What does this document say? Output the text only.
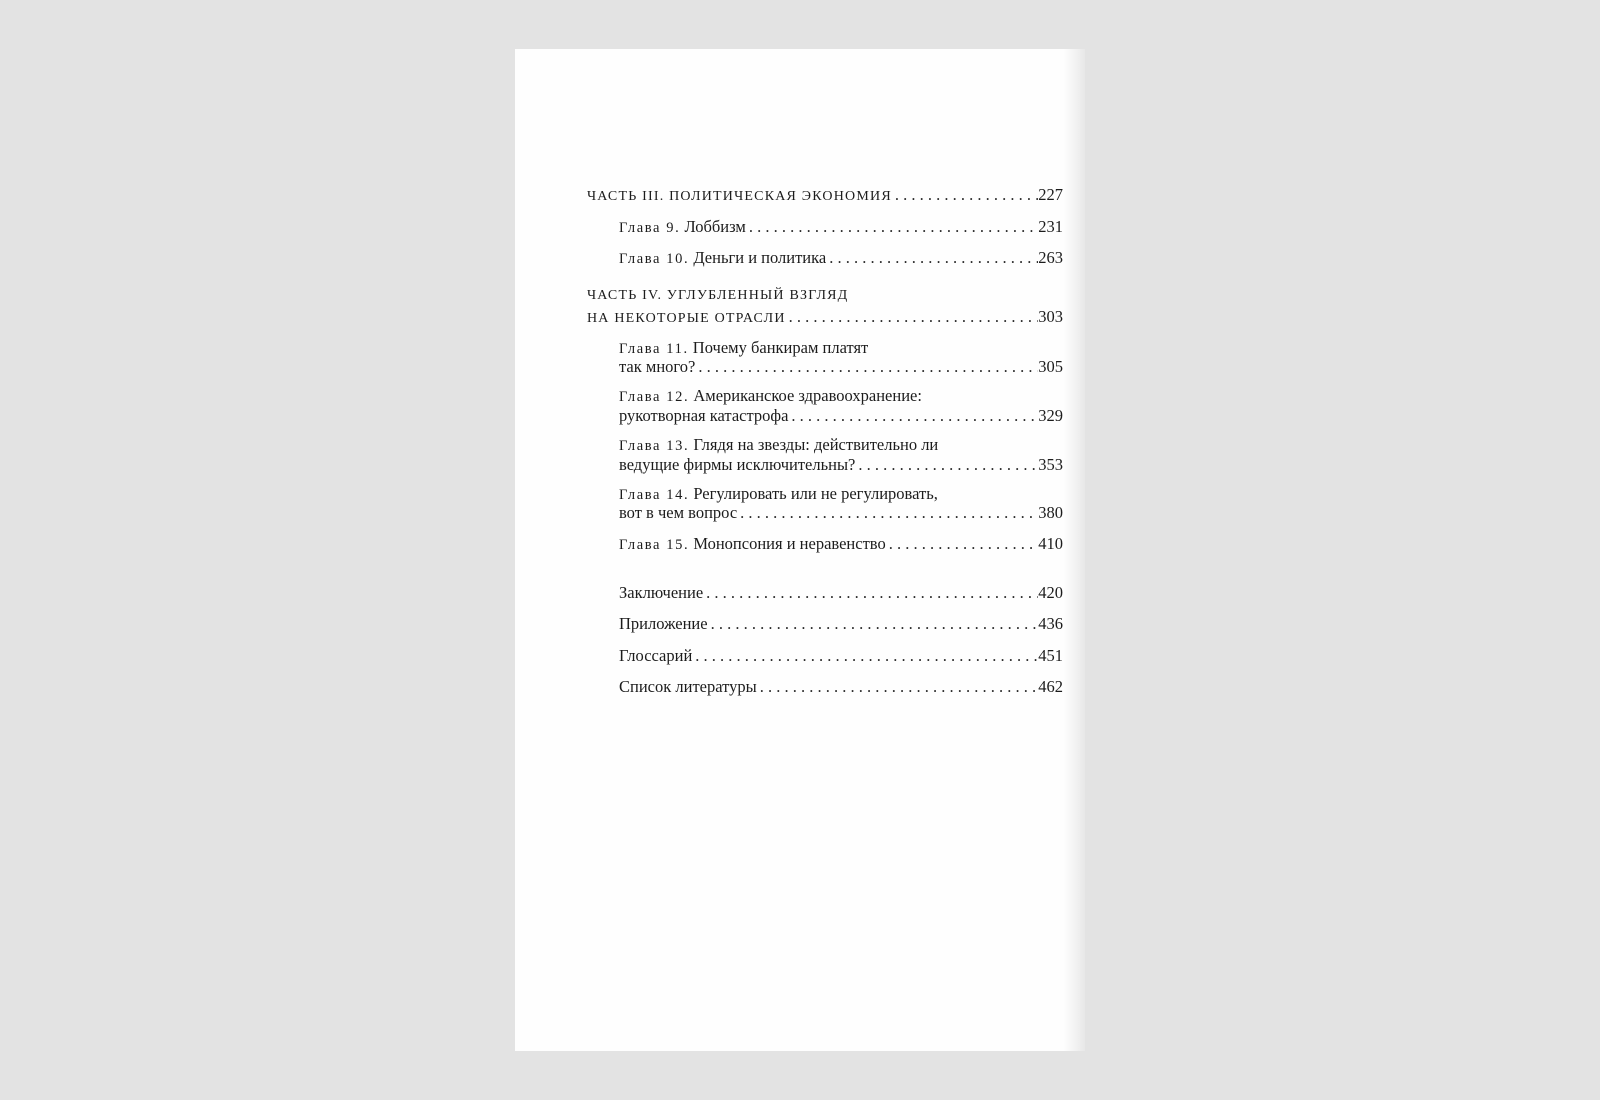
ЧАСТЬ III. ПОЛИТИЧЕСКАЯ ЭКОНОМИЯ . . .	227
Глава 9. Лоббизм . . .	231
Глава 10. Деньги и политика . . .	263
ЧАСТЬ IV. УГЛУБЛЕННЫЙ ВЗГЛЯД
НА НЕКОТОРЫЕ ОТРАСЛИ . . .	303
Глава 11. Почему банкирам платят
так много? . . .	305
Глава 12. Американское здравоохранение:
рукотворная катастрофа . . .	329
Глава 13. Глядя на звезды: действительно ли
ведущие фирмы исключительны? . . .	353
Глава 14. Регулировать или не регулировать,
вот в чем вопрос . . .	380
Глава 15. Монопсония и неравенство . . .	410
Заключение . . .	420
Приложение . . .	436
Глоссарий . . .	451
Список литературы . . .	462
